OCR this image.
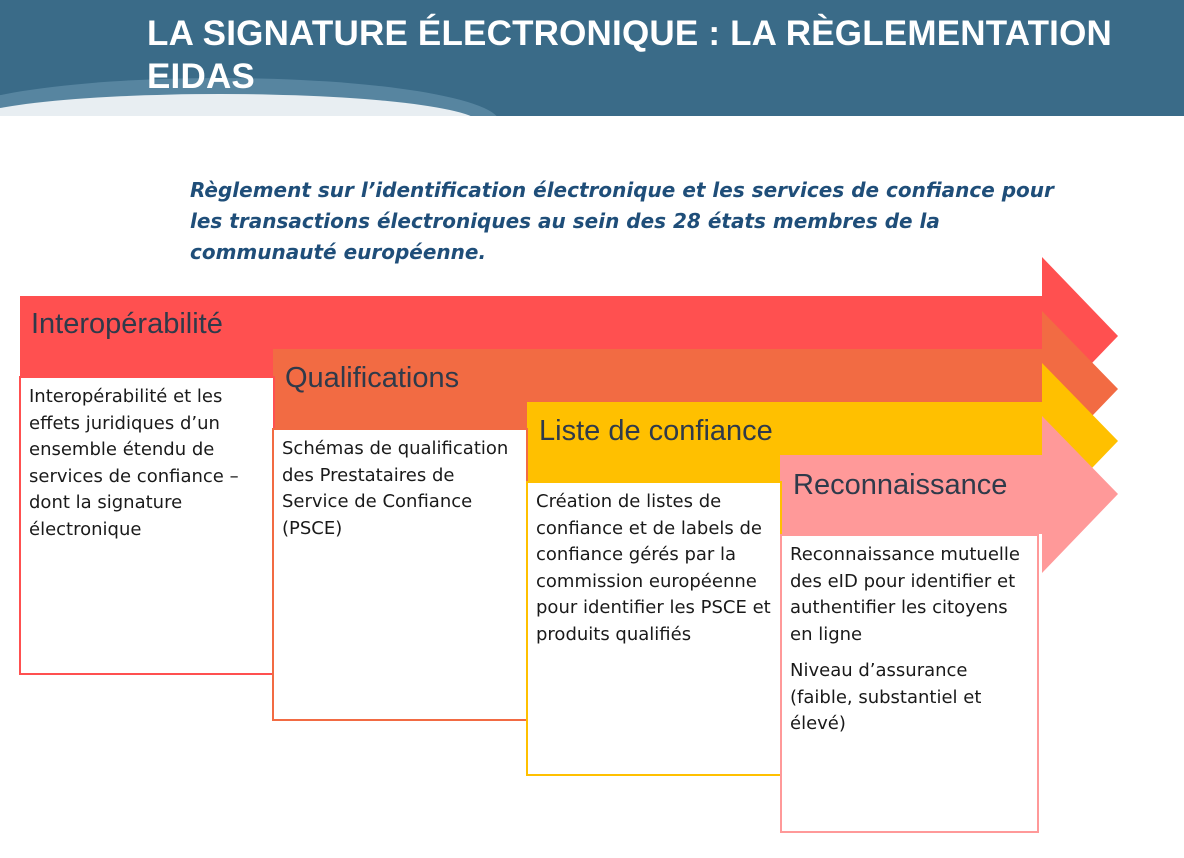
LA SIGNATURE ÉLECTRONIQUE : LA RÈGLEMENTATION EIDAS
Règlement sur l’identification électronique et les services de confiance pour les transactions électroniques au sein des 28 états membres de la communauté européenne.
Interopérabilité

Interopérabilité et les effets juridiques d’un ensemble étendu de services de confiance – dont la signature électronique

Qualifications

Schémas de qualification des Prestataires de Service de Confiance (PSCE)

Liste de confiance

Création de listes de confiance et de labels de confiance gérés par la commission européenne pour identifier les PSCE et produits qualifiés

Reconnaissance

Reconnaissance mutuelle des eID pour identifier et authentifier les citoyens en ligne

Niveau d’assurance (faible, substantiel et élevé)
